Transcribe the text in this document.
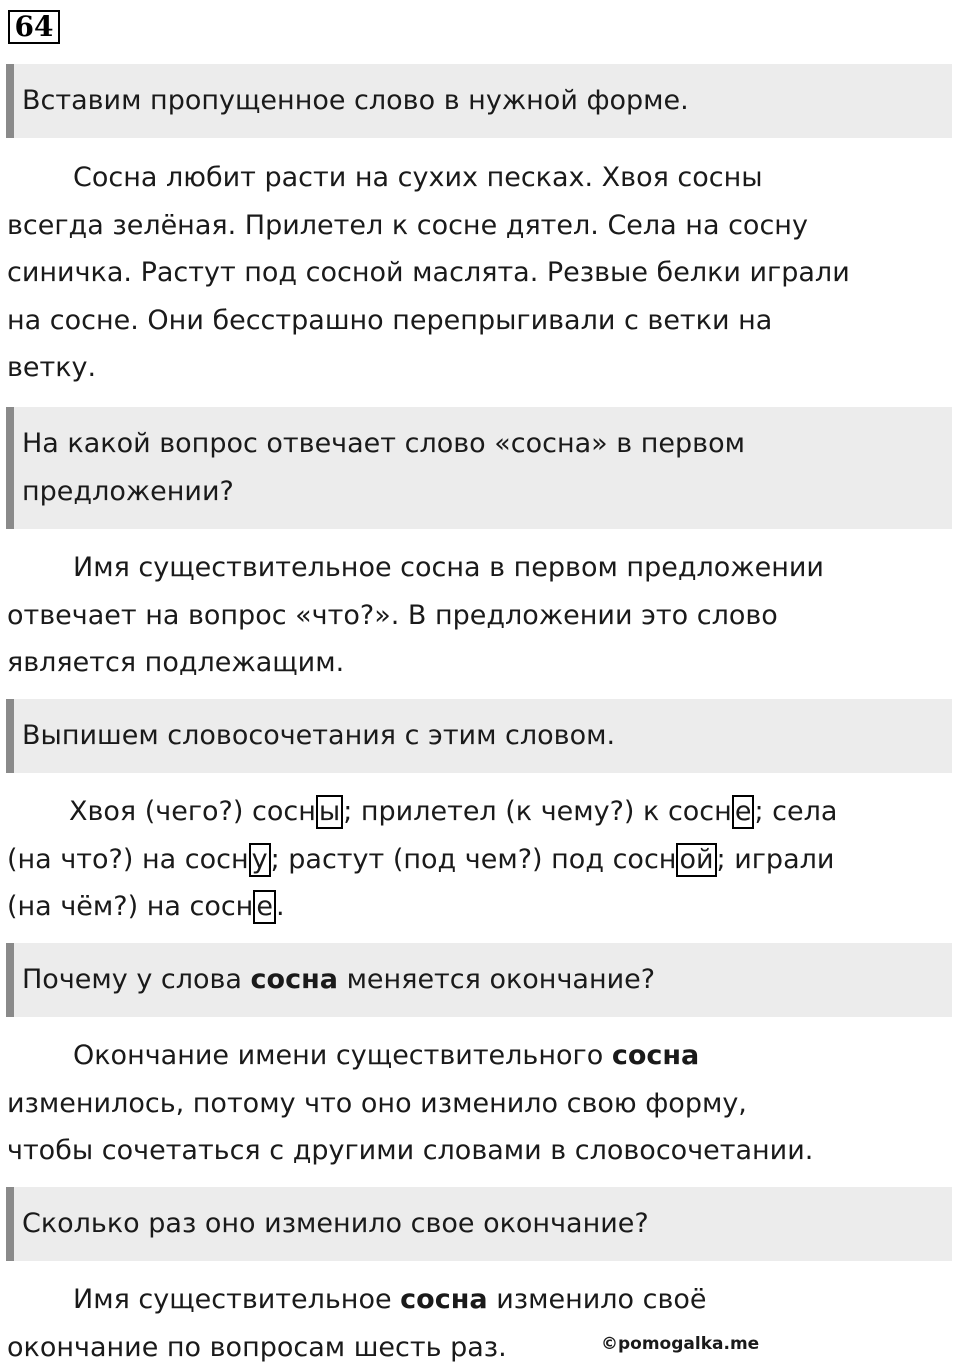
64
Вставим пропущенное слово в нужной форме.
Сосна любит расти на сухих песках. Хвоя сосны
всегда зелёная. Прилетел к сосне дятел. Села на сосну
синичка. Растут под сосной маслята. Резвые белки играли
на сосне. Они бесстрашно перепрыгивали с ветки на
ветку.
На какой вопрос отвечает слово «сосна» в первом
предложении?
Имя существительное сосна в первом предложении
отвечает на вопрос «что?». В предложении это слово
является подлежащим.
Выпишем словосочетания с этим словом.
Хвоя (чего?) сосн ы ; прилетел (к чему?) к сосн е ; села
(на что?) на сосн у ; растут (под чем?) под сосн ой ; играли
(на чём?) на сосн е .
Почему у слова сосна меняется окончание?
Окончание имени существительного сосна
изменилось, потому что оно изменило свою форму,
чтобы сочетаться с другими словами в словосочетании.
Сколько раз оно изменило свое окончание?
Имя существительное сосна изменило своё
окончание по вопросам шесть раз.	©pomogalka.me
